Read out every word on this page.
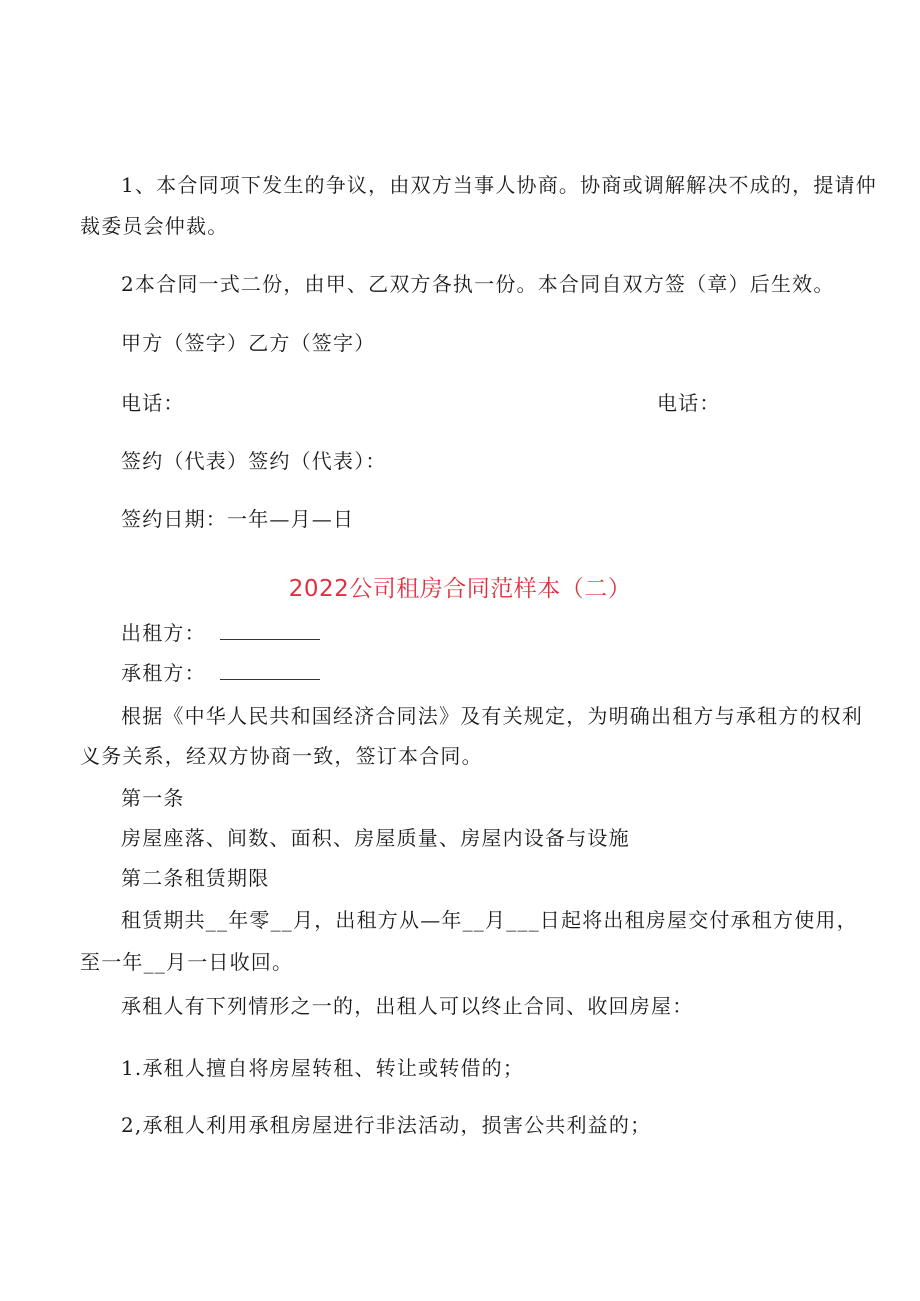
1、本合同项下发生的争议，由双方当事人协商。协商或调解解决不成的，提请仲
裁委员会仲裁。
2本合同一式二份，由甲、乙双方各执一份。本合同自双方签（章）后生效。
甲方（签字）乙方（签字）
电话：	电话：
签约（代表）签约（代表）：
签约日期：一年—月—日
2022公司租房合同范样本（二）
出租方：
承租方：
根据《中华人民共和国经济合同法》及有关规定，为明确出租方与承租方的权利
义务关系，经双方协商一致，签订本合同。
第一条
房屋座落、间数、面积、房屋质量、房屋内设备与设施
第二条租赁期限
租赁期共__年零__月，出租方从—年__月___日起将出租房屋交付承租方使用，
至一年__月一日收回。
承租人有下列情形之一的，出租人可以终止合同、收回房屋：
1.承租人擅自将房屋转租、转让或转借的；
2,承租人利用承租房屋进行非法活动，损害公共利益的；
